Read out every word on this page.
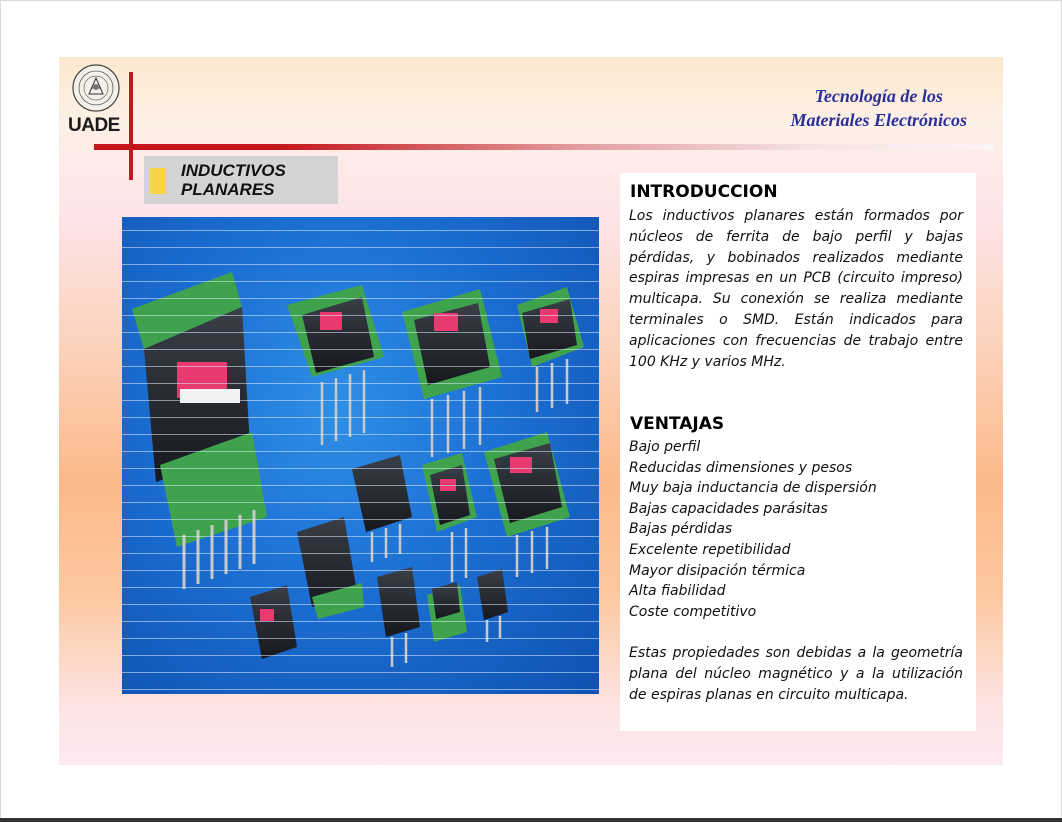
UADE
Tecnología de los
Materiales Electrónicos
INDUCTIVOS
PLANARES	INTRODUCCION

Los inductivos planares están formados por núcleos de ferrita de bajo perfil y bajas pérdidas, y bobinados realizados mediante espiras impresas en un PCB (circuito impreso) multicapa. Su conexión se realiza mediante terminales o SMD. Están indicados para aplicaciones con frecuencias de trabajo entre 100 KHz y varios MHz.

VENTAJAS
Bajo perfil
Reducidas dimensiones y pesos
Muy baja inductancia de dispersión
Bajas capacidades parásitas
Bajas pérdidas
Excelente repetibilidad
Mayor disipación térmica
Alta fiabilidad
Coste competitivo

Estas propiedades son debidas a la geometría plana del núcleo magnético y a la utilización de espiras planas en circuito multicapa.
